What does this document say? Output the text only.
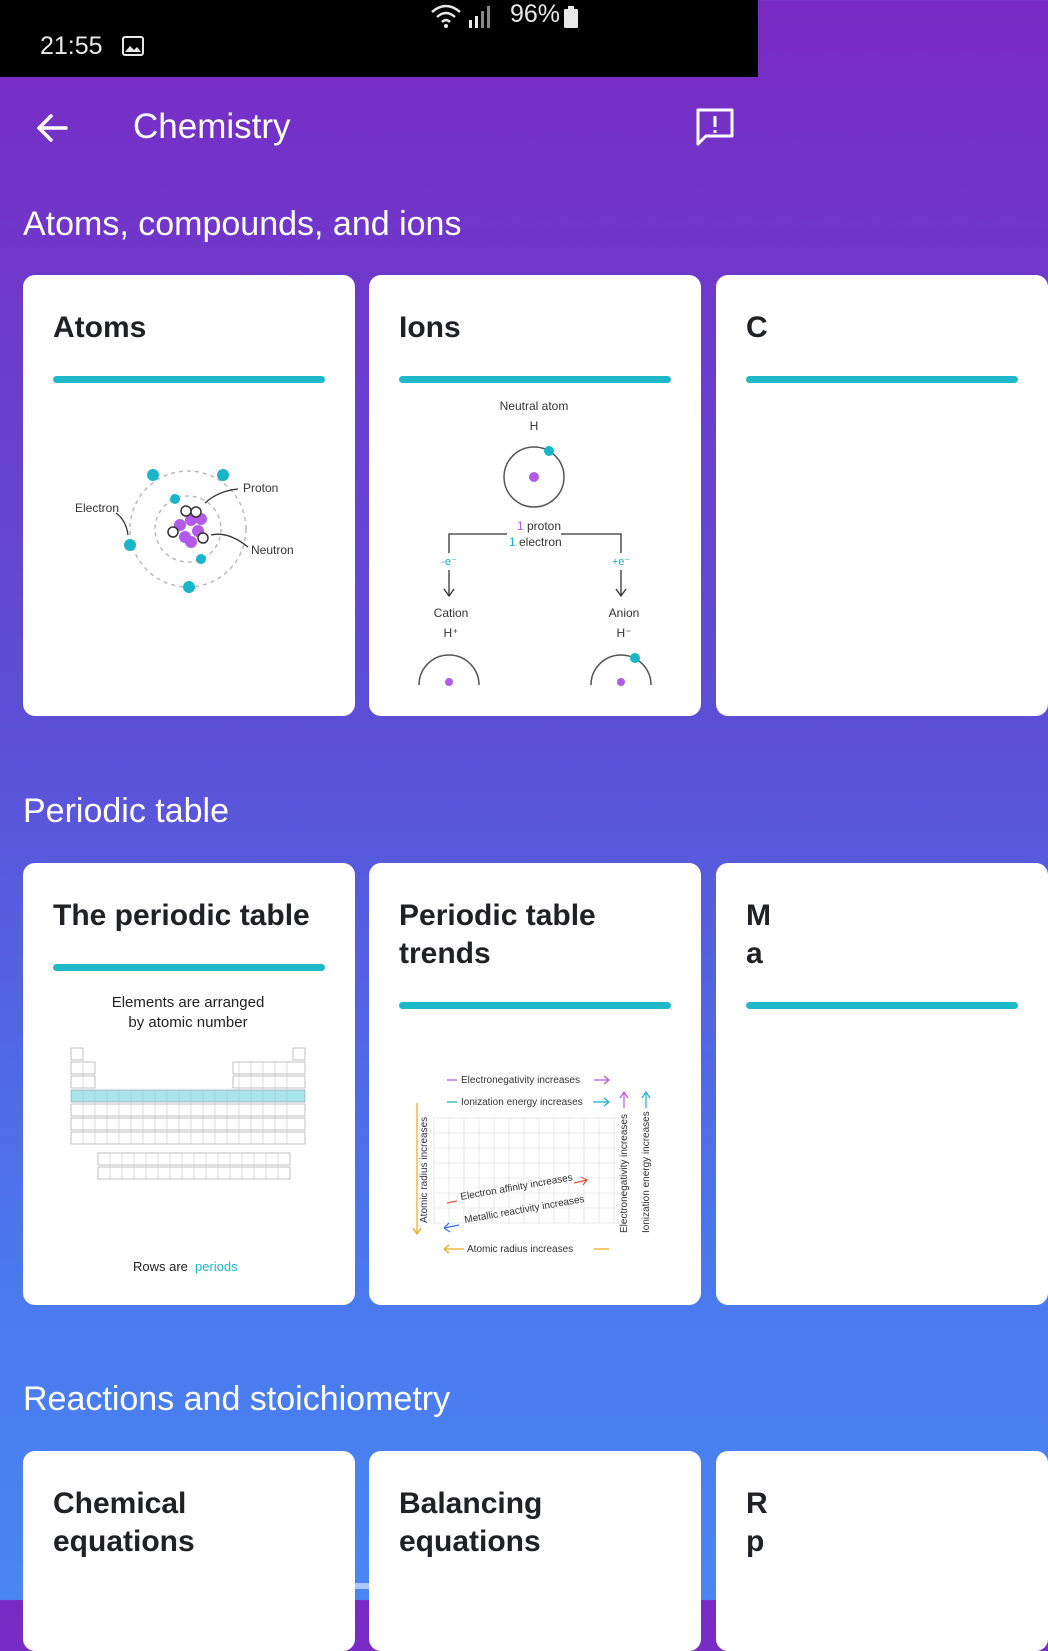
21:55
96%
Chemistry
Atoms, compounds, and ions
Atoms
Electron
Proton
Neutron
Ions
Neutral atom
H
Cation
H⁺
Anion
H⁻
1 proton
1 electron
-e⁻	+e⁻
C
Periodic table
The periodic table
Elements are arranged
by atomic number
Rows are periods
Periodic table
trends
Electronegativity increases
Ionization energy increases
Electron affinity increases
Metallic reactivity increases
Atomic radius increases
Atomic radius increases	Electronegativity increases Ionization energy increases
M
a
Reactions and stoichiometry
Chemical
equations
Balancing
equations
R
p
